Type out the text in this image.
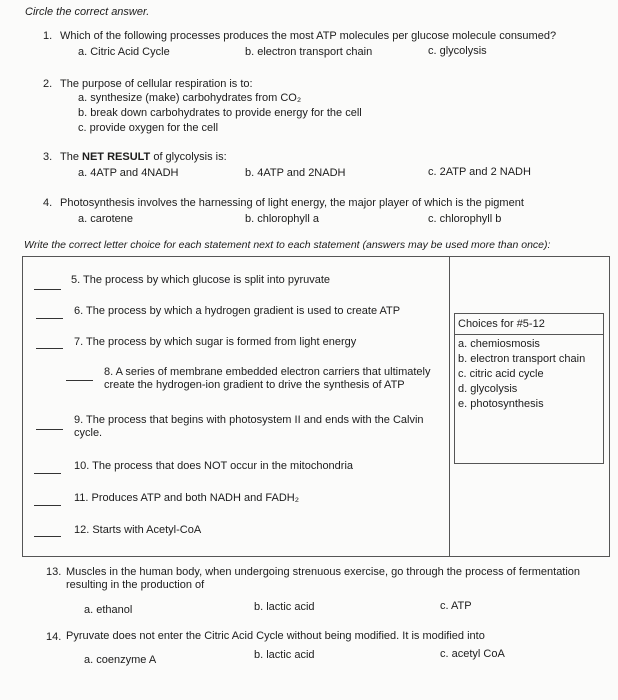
Circle the correct answer.
1. Which of the following processes produces the most ATP molecules per glucose molecule consumed?
a. Citric Acid Cycle	b. electron transport chain	c. glycolysis
2. The purpose of cellular respiration is to:
a. synthesize (make) carbohydrates from CO₂
b. break down carbohydrates to provide energy for the cell
c. provide oxygen for the cell
3. The NET RESULT of glycolysis is:
a. 4ATP and 4NADH	b. 4ATP and 2NADH	c. 2ATP and 2 NADH
4. Photosynthesis involves the harnessing of light energy, the major player of which is the pigment
a. carotene	b. chlorophyll a	c. chlorophyll b
Write the correct letter choice for each statement next to each statement (answers may be used more than once):
5. The process by which glucose is split into pyruvate
6. The process by which a hydrogen gradient is used to create ATP
7. The process by which sugar is formed from light energy
8. A series of membrane embedded electron carriers that ultimately create the hydrogen-ion gradient to drive the synthesis of ATP
9. The process that begins with photosystem II and ends with the Calvin cycle.
10. The process that does NOT occur in the mitochondria
11. Produces ATP and both NADH and FADH₂
12. Starts with Acetyl-CoA
Choices for #5-12
a. chemiosmosis
b. electron transport chain
c. citric acid cycle
d. glycolysis
e. photosynthesis
13. Muscles in the human body, when undergoing strenuous exercise, go through the process of fermentation resulting in the production of
a. ethanol	b. lactic acid	c. ATP
14. Pyruvate does not enter the Citric Acid Cycle without being modified. It is modified into
a. coenzyme A	b. lactic acid	c. acetyl CoA
